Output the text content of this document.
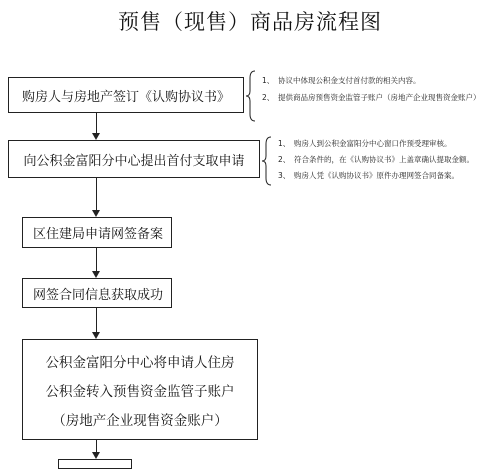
预售（现售）商品房流程图
购房人与房地产签订《认购协议书》
向公积金富阳分中心提出首付支取申请
区住建局申请网签备案
网签合同信息获取成功
公积金富阳分中心将申请人住房
公积金转入预售资金监管子账户
（房地产企业现售资金账户）
1、 协议中体现公积金支付首付款的相关内容。
2、 提供商品房预售资金监管子账户（房地产企业现售资金账户）
1、 购房人到公积金富阳分中心窗口作预受理审核。
2、 符合条件的，在《认购协议书》上盖章确认提取金额。
3、 购房人凭《认购协议书》原件办理网签合同备案。
